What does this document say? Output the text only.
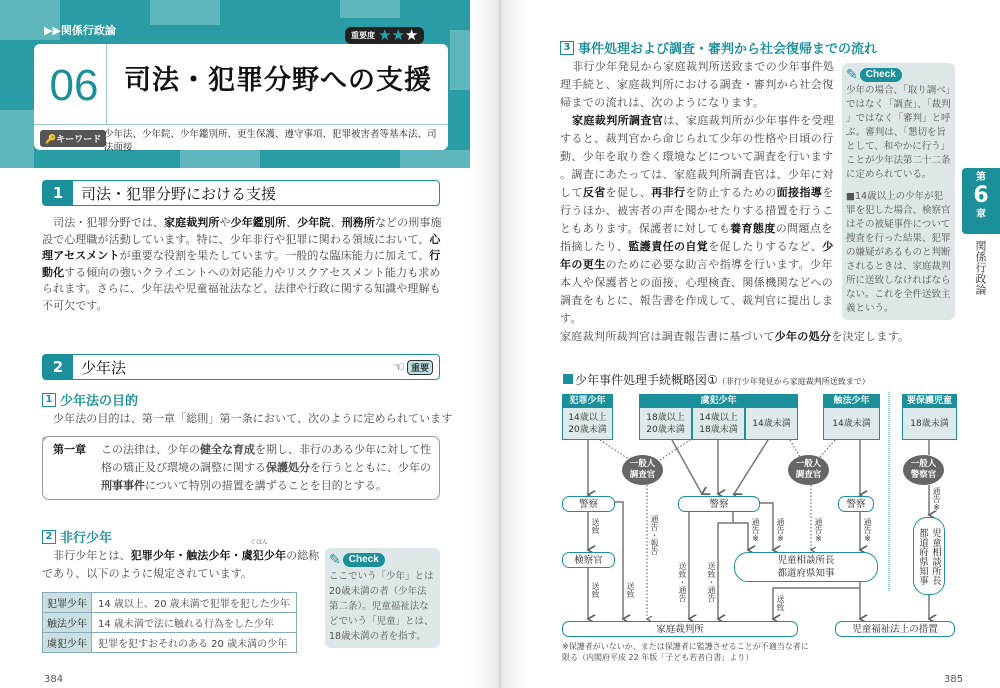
▶▶関係行政論
06 司法・犯罪分野への支援
🔑キーワード 少年法、少年院、少年鑑別所、更生保護、遵守事項、犯罪被害者等基本法、司法面接
重要度 ★★★
1	司法・犯罪分野における支援
司法・犯罪分野では、家庭裁判所や少年鑑別所、少年院、刑務所などの刑事施設で心理職が活動しています。特に、少年非行や犯罪に関わる領域において、心理アセスメントが重要な役割を果たしています。一般的な臨床能力に加えて、行動化する傾向の強いクライエントへの対応能力やリスクアセスメント能力も求められます。さらに、少年法や児童福祉法など、法律や行政に関する知識や理解も不可欠です。
2	少年法	☜ 重要
1 少年法の目的
少年法の目的は、第一章「総則」第一条において、次のように定められています。
第一章 この法律は、少年の健全な育成を期し、非行のある少年に対して性格の矯正及び環境の調整に関する保護処分を行うとともに、少年の刑事事件について特別の措置を講ずることを目的とする。
2 非行少年	ぐはん
非行少年とは、犯罪少年・触法少年・虞犯少年の総称であり、以下のように規定されています。
犯罪少年	14 歳以上、20 歳未満で犯罪を犯した少年
触法少年	14 歳未満で法に触れる行為をした少年
虞犯少年	犯罪を犯すおそれのある 20 歳未満の少年
✎ Check
ここでいう「少年」とは20歳未満の者（少年法第二条）。児童福祉法などでいう「児童」とは、18歳未満の者を指す。
384
3 事件処理および調査・審判から社会復帰までの流れ
非行少年発見から家庭裁判所送致までの少年事件処理手続と、家庭裁判所における調査・審判から社会復帰までの流れは、次のようになります。
家庭裁判所調査官は、家庭裁判所が少年事件を受理すると、裁判官から命じられて少年の性格や日頃の行動、少年を取り巻く環境などについて調査を行います。調査にあたっては、家庭裁判所調査官は、少年に対して反省を促し、再非行を防止するための面接指導を行うほか、被害者の声を聞かせたりする措置を行うこともあります。保護者に対しても養育態度の問題点を指摘したり、監護責任の自覚を促したりするなど、少年の更生のために必要な助言や指導を行います。少年本人や保護者との面接、心理検査、関係機関などへの調査をもとに、報告書を作成して、裁判官に提出します。
家庭裁判所裁判官は調査報告書に基づいて少年の処分を決定します。
✎ Check
少年の場合、「取り調べ」ではなく「調査」、「裁判」ではなく「審判」と呼ぶ。審判は、「懇切を旨として、和やかに行う」ことが少年法第二十二条に定められている。
■14歳以上の少年が犯罪を犯した場合、検察官はその被疑事件について捜査を行った結果、犯罪の嫌疑があるものと判断されるときは、家庭裁判所に送致しなければならない。これを全件送致主義という。
第
6
章
関係行政論
少年事件処理手続概略図①（非行少年発見から家庭裁判所送致まで）
犯罪少年
14歳以上
20歳未満
虞犯少年
18歳以上
20歳未満
14歳以上
18歳未満
14歳未満
触法少年
14歳未満
要保護児童
18歳未満
一般人
調査官
一般人
調査官
一般人
警察官
警察	警察	警察
検察官	児童相談所長
都道府県知事	児童相談所長
都道府県知事
家庭裁判所	児童福祉法上の措置
送致
送致	送致
通告・報告
送致・通告	送致・通告
通告※ 通告※	通告※	通告※
送致
通告※
※保護者がいないか、または保護者に監護させることが不適当な者に限る（内閣府平成 22 年版「子ども若者白書」より）
385
